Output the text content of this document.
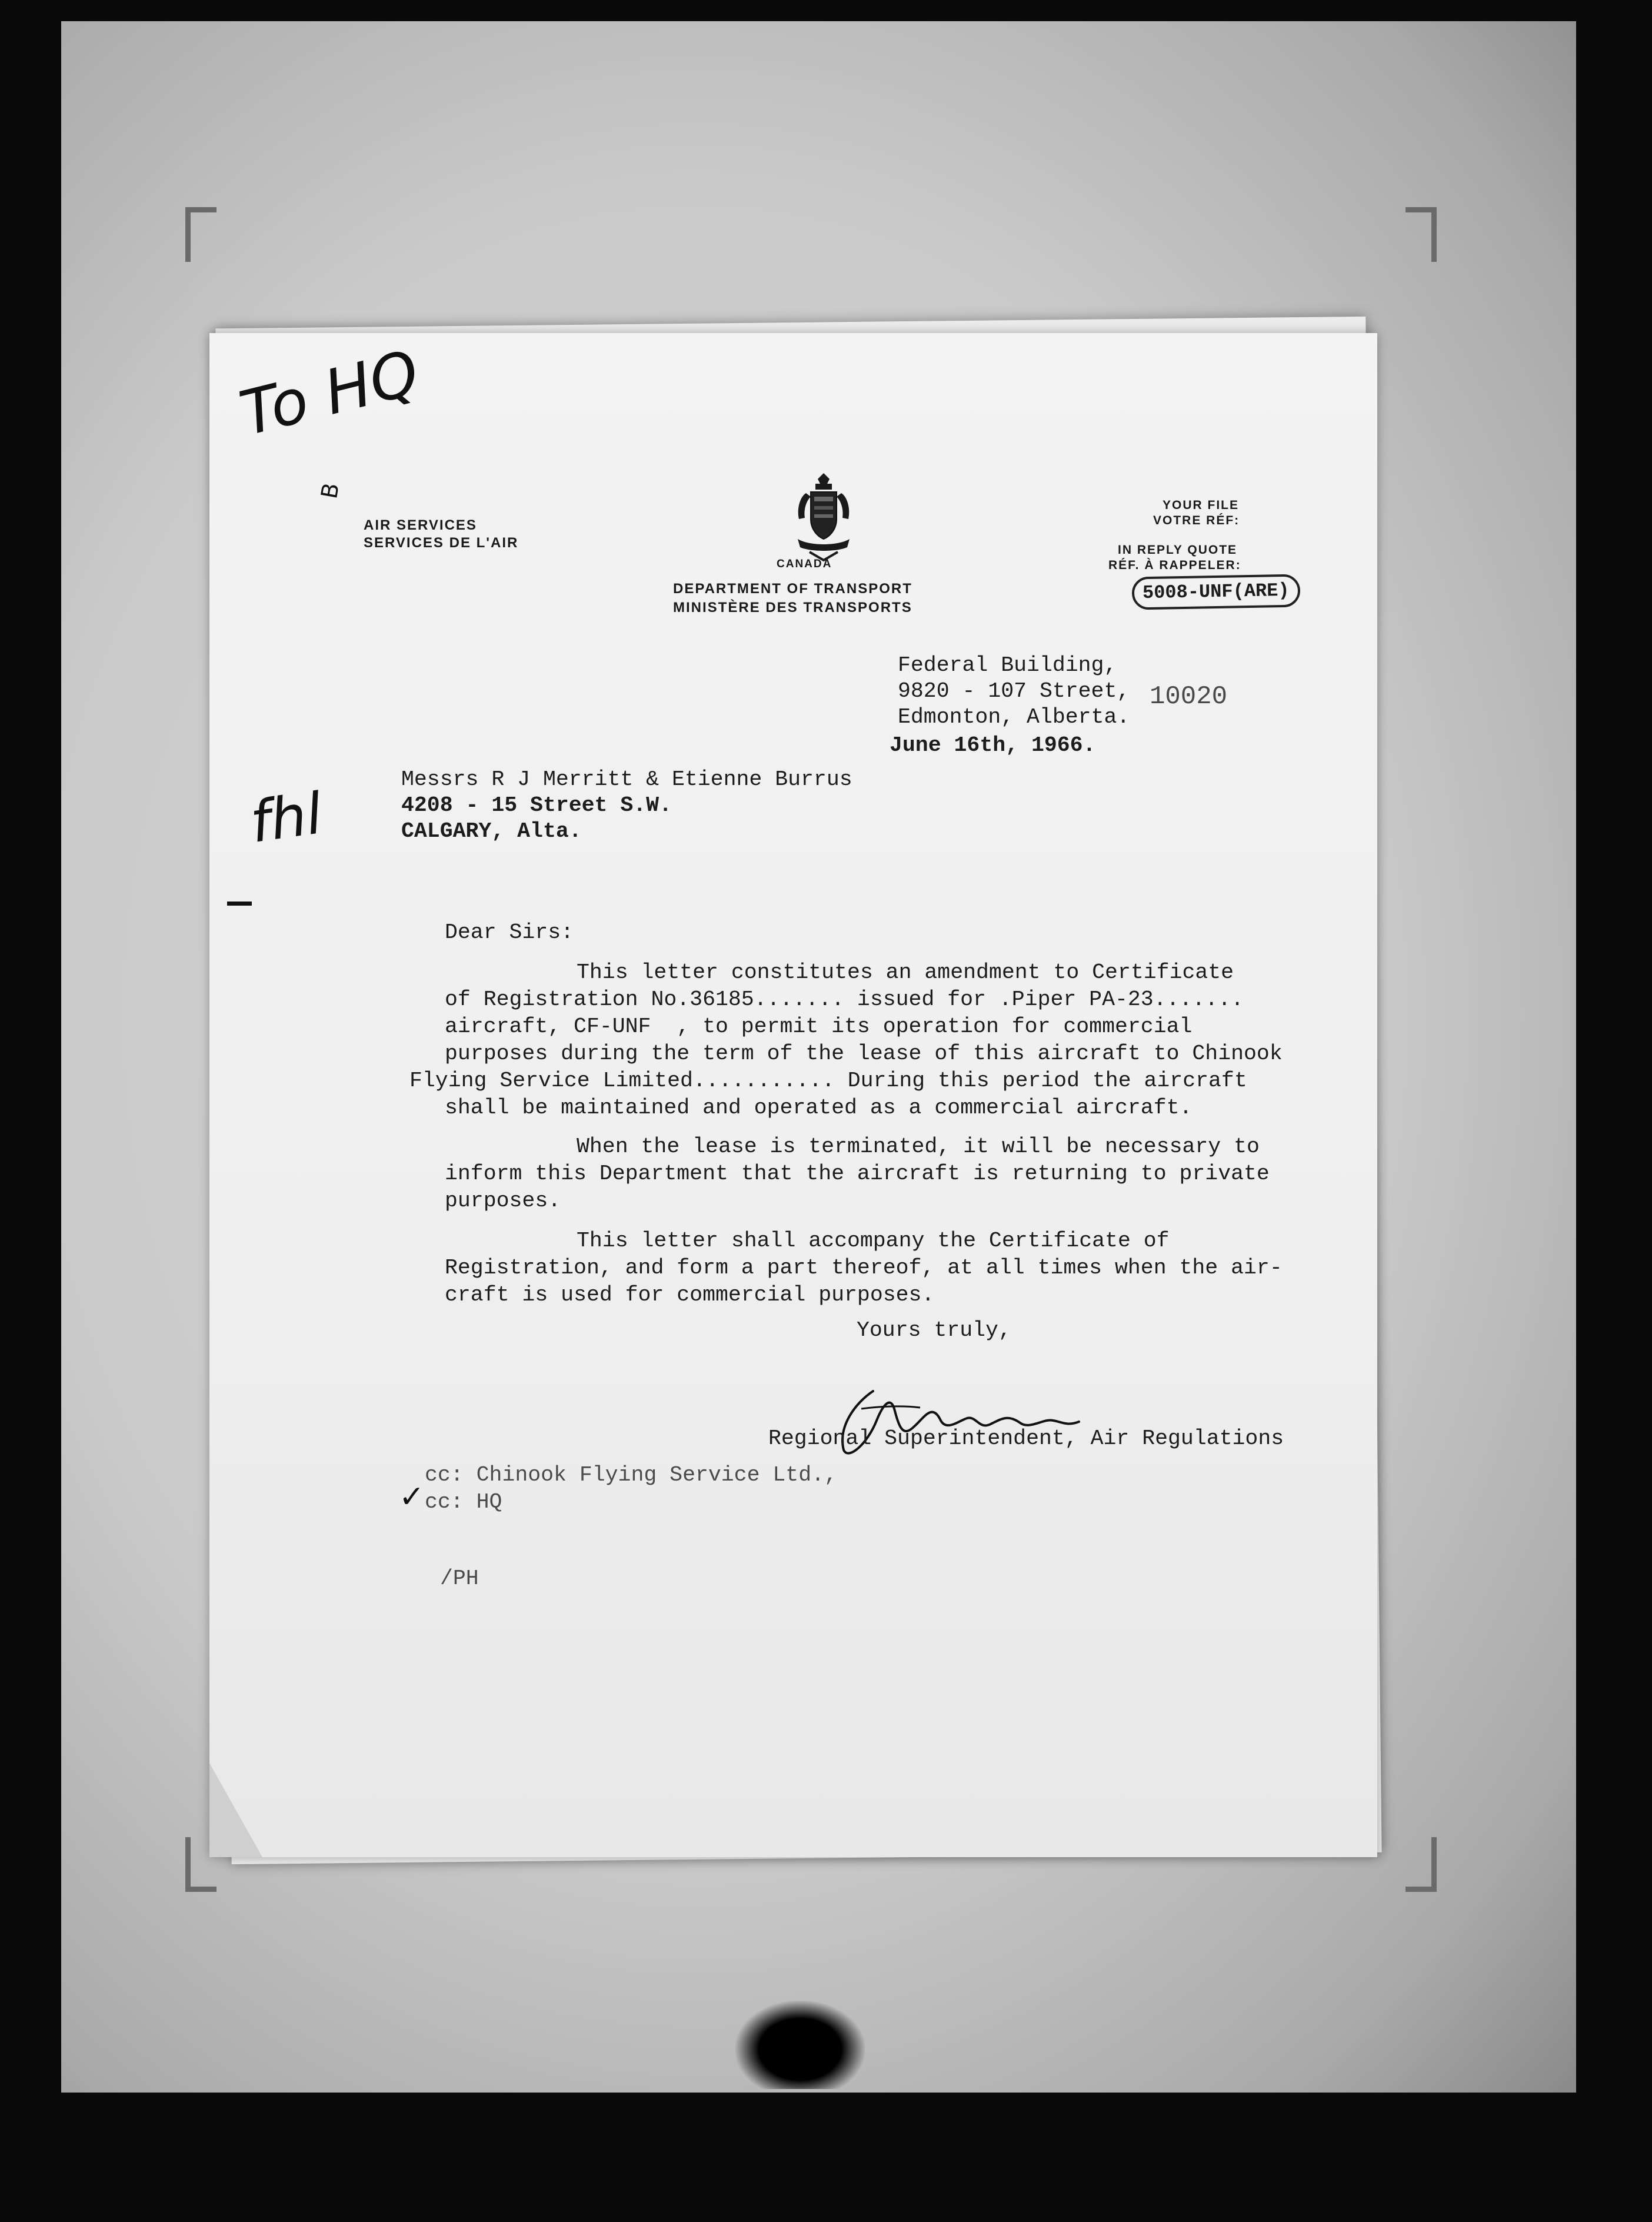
To HQ
B
fhl
AIR SERVICES
SERVICES DE L'AIR

CANADA
DEPARTMENT OF TRANSPORT
MINISTÈRE DES TRANSPORTS
YOUR FILE
VOTRE RÉF:
IN REPLY QUOTE
RÉF. À RAPPELER:
5008-UNF(ARE)
Federal Building,
9820 - 107 Street,
Edmonton, Alberta.
10020
June 16th, 1966.
Messrs R J Merritt & Etienne Burrus
4208 - 15 Street S.W.
CALGARY, Alta.
Dear Sirs:
This letter constitutes an amendment to Certificate
of Registration No.36185....... issued for .Piper PA-23.......
aircraft, CF-UNF  , to permit its operation for commercial
purposes during the term of the lease of this aircraft to Chinook
Flying Service Limited........... During this period the aircraft
shall be maintained and operated as a commercial aircraft.
When the lease is terminated, it will be necessary to
inform this Department that the aircraft is returning to private
purposes.
This letter shall accompany the Certificate of
Registration, and form a part thereof, at all times when the air-
craft is used for commercial purposes.
Yours truly,

Regional Superintendent, Air Regulations
cc: Chinook Flying Service Ltd.,
✓ cc: HQ
/PH
